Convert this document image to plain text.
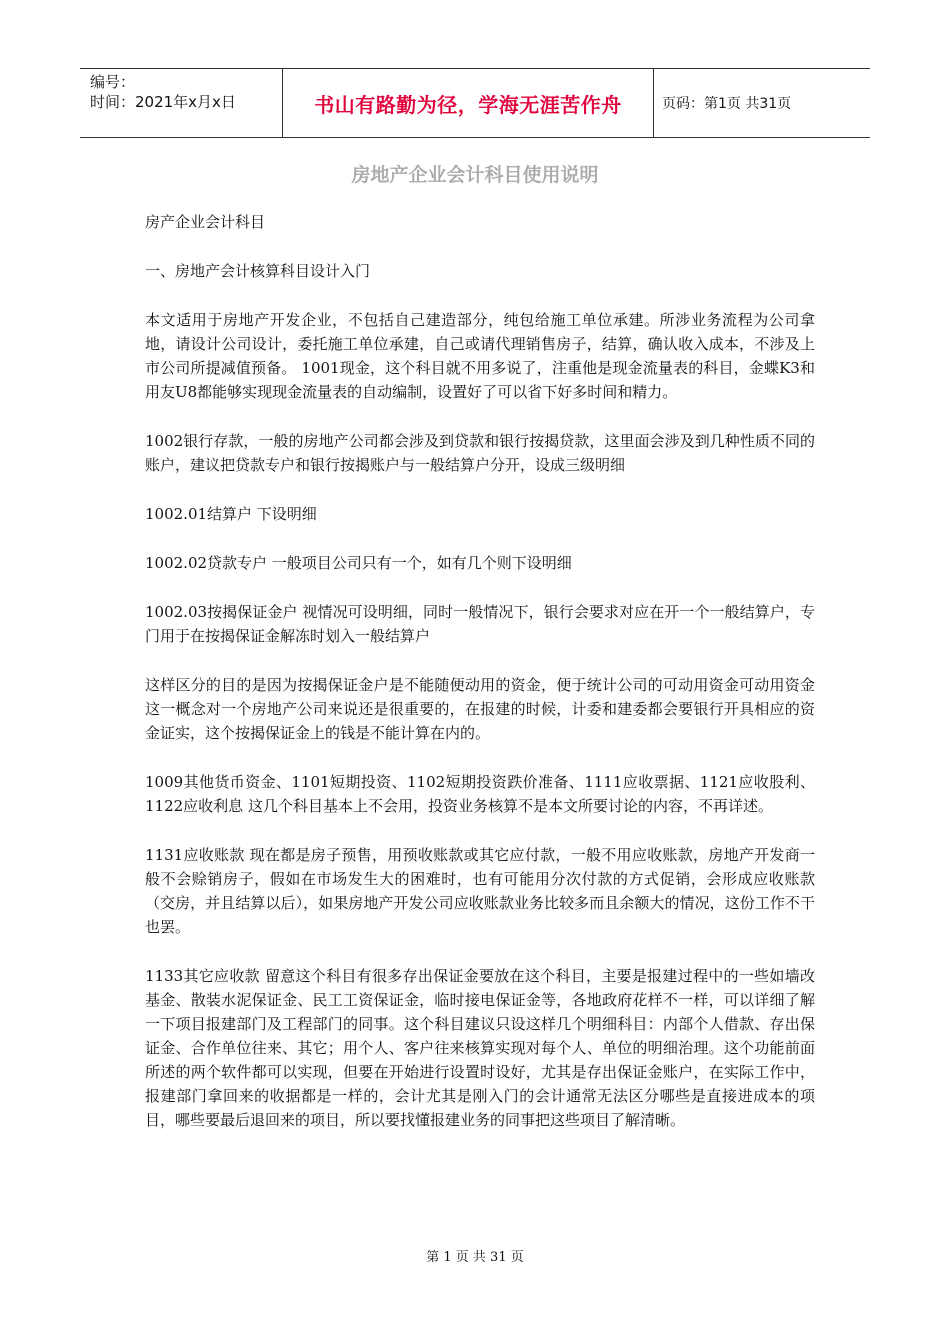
编号：
时间：2021年x月x日	书山有路勤为径，学海无涯苦作舟	页码：第1页 共31页
房地产企业会计科目使用说明

房产企业会计科目

一、房地产会计核算科目设计入门

本文适用于房地产开发企业，不包括自己建造部分，纯包给施工单位承建。所涉业务流程为公司拿地，请设计公司设计，委托施工单位承建，自己或请代理销售房子，结算，确认收入成本，不涉及上市公司所提减值预备。 1001现金，这个科目就不用多说了，注重他是现金流量表的科目，金蝶K3和用友U8都能够实现现金流量表的自动编制，设置好了可以省下好多时间和精力。

1002银行存款，一般的房地产公司都会涉及到贷款和银行按揭贷款，这里面会涉及到几种性质不同的账户，建议把贷款专户和银行按揭账户与一般结算户分开，设成三级明细

1002.01结算户 下设明细

1002.02贷款专户 一般项目公司只有一个，如有几个则下设明细

1002.03按揭保证金户 视情况可设明细，同时一般情况下，银行会要求对应在开一个一般结算户，专门用于在按揭保证金解冻时划入一般结算户

这样区分的目的是因为按揭保证金户是不能随便动用的资金，便于统计公司的可动用资金可动用资金这一概念对一个房地产公司来说还是很重要的，在报建的时候，计委和建委都会要银行开具相应的资金证实，这个按揭保证金上的钱是不能计算在内的。

1009其他货币资金、1101短期投资、1102短期投资跌价准备、1111应收票据、1121应收股利、1122应收利息 这几个科目基本上不会用，投资业务核算不是本文所要讨论的内容，不再详述。

1131应收账款 现在都是房子预售，用预收账款或其它应付款，一般不用应收账款，房地产开发商一般不会赊销房子，假如在市场发生大的困难时，也有可能用分次付款的方式促销，会形成应收账款（交房，并且结算以后），如果房地产开发公司应收账款业务比较多而且余额大的情况，这份工作不干也罢。

1133其它应收款 留意这个科目有很多存出保证金要放在这个科目，主要是报建过程中的一些如墙改基金、散装水泥保证金、民工工资保证金，临时接电保证金等，各地政府花样不一样，可以详细了解一下项目报建部门及工程部门的同事。这个科目建议只设这样几个明细科目：内部个人借款、存出保证金、合作单位往来、其它；用个人、客户往来核算实现对每个人、单位的明细治理。这个功能前面所述的两个软件都可以实现，但要在开始进行设置时设好，尤其是存出保证金账户，在实际工作中，报建部门拿回来的收据都是一样的，会计尤其是刚入门的会计通常无法区分哪些是直接进成本的项目，哪些要最后退回来的项目，所以要找懂报建业务的同事把这些项目了解清晰。

第 1 页 共 31 页
